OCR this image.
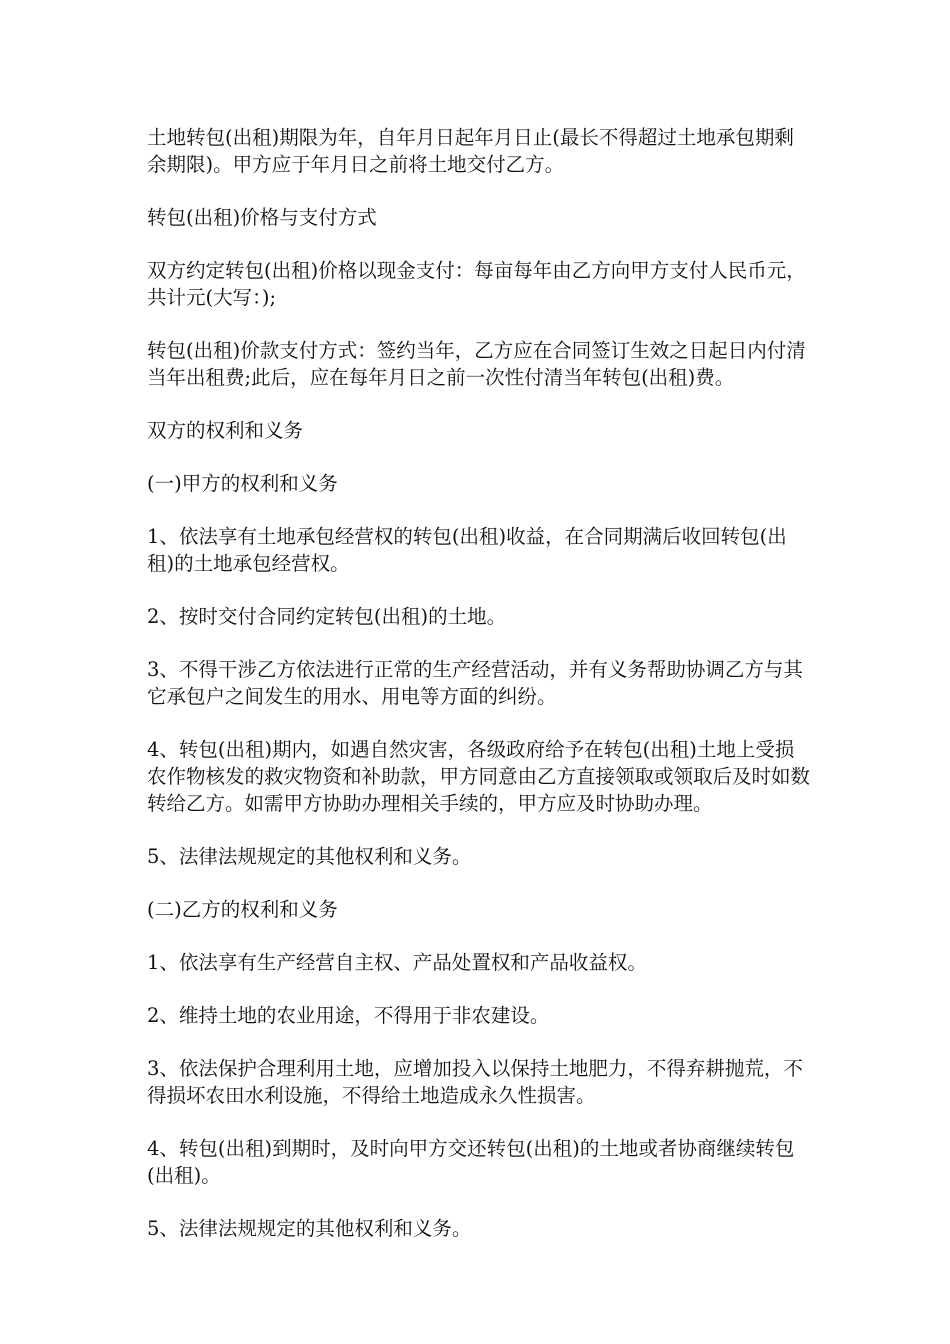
土地转包(出租)期限为年，自年月日起年月日止(最长不得超过土地承包期剩余期限)。甲方应于年月日之前将土地交付乙方。

转包(出租)价格与支付方式

双方约定转包(出租)价格以现金支付：每亩每年由乙方向甲方支付人民币元，共计元(大写：);

转包(出租)价款支付方式：签约当年，乙方应在合同签订生效之日起日内付清当年出租费;此后，应在每年月日之前一次性付清当年转包(出租)费。

双方的权利和义务

(一)甲方的权利和义务

1、依法享有土地承包经营权的转包(出租)收益，在合同期满后收回转包(出租)的土地承包经营权。

2、按时交付合同约定转包(出租)的土地。

3、不得干涉乙方依法进行正常的生产经营活动，并有义务帮助协调乙方与其它承包户之间发生的用水、用电等方面的纠纷。

4、转包(出租)期内，如遇自然灾害，各级政府给予在转包(出租)土地上受损农作物核发的救灾物资和补助款，甲方同意由乙方直接领取或领取后及时如数转给乙方。如需甲方协助办理相关手续的，甲方应及时协助办理。

5、法律法规规定的其他权利和义务。

(二)乙方的权利和义务

1、依法享有生产经营自主权、产品处置权和产品收益权。

2、维持土地的农业用途，不得用于非农建设。

3、依法保护合理利用土地，应增加投入以保持土地肥力，不得弃耕抛荒，不得损坏农田水利设施，不得给土地造成永久性损害。

4、转包(出租)到期时，及时向甲方交还转包(出租)的土地或者协商继续转包(出租)。

5、法律法规规定的其他权利和义务。
